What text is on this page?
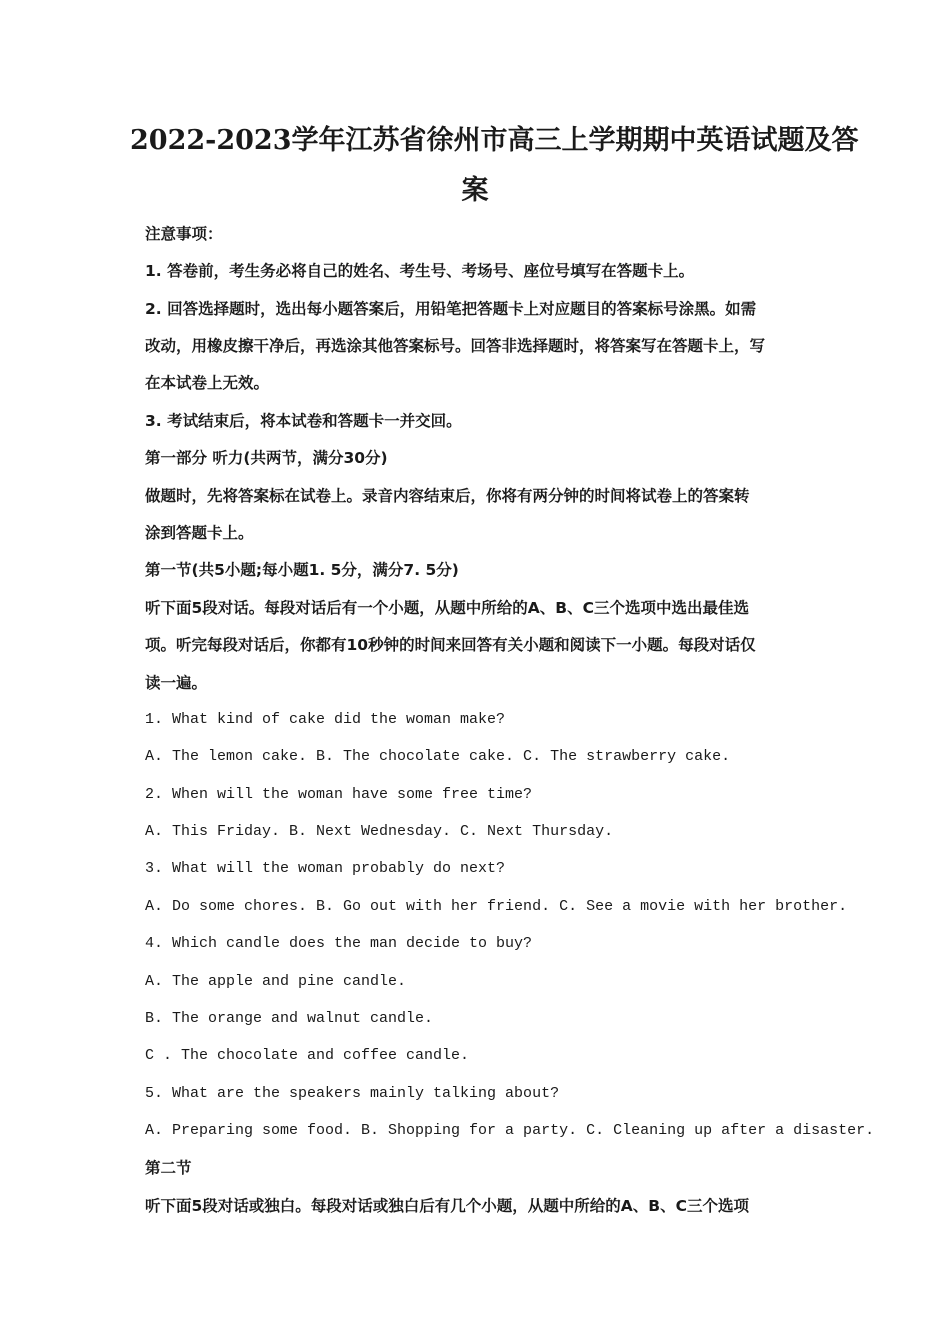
2022-2023学年江苏省徐州市高三上学期期中英语试题及答
案
注意事项：
1. 答卷前，考生务必将自己的姓名、考生号、考场号、座位号填写在答题卡上。
2. 回答选择题时，选出每小题答案后，用铅笔把答题卡上对应题目的答案标号涂黑。如需
改动，用橡皮擦干净后，再选涂其他答案标号。回答非选择题时，将答案写在答题卡上，写
在本试卷上无效。
3. 考试结束后，将本试卷和答题卡一并交回。
第一部分 听力(共两节，满分30分)
做题时，先将答案标在试卷上。录音内容结束后，你将有两分钟的时间将试卷上的答案转
涂到答题卡上。
第一节(共5小题;每小题1. 5分，满分7. 5分)
听下面5段对话。每段对话后有一个小题，从题中所给的A、B、C三个选项中选出最佳选
项。听完每段对话后，你都有10秒钟的时间来回答有关小题和阅读下一小题。每段对话仅
读一遍。
1. What kind of cake did the woman make?
A. The lemon cake. B. The chocolate cake. C. The strawberry cake.
2. When will the woman have some free time?
A. This Friday. B. Next Wednesday. C. Next Thursday.
3. What will the woman probably do next?
A. Do some chores. B. Go out with her friend. C. See a movie with her brother.
4. Which candle does the man decide to buy?
A. The apple and pine candle.
B. The orange and walnut candle.
C . The chocolate and coffee candle.
5. What are the speakers mainly talking about?
A. Preparing some food. B. Shopping for a party. C. Cleaning up after a disaster.
第二节
听下面5段对话或独白。每段对话或独白后有几个小题，从题中所给的A、B、C三个选项
